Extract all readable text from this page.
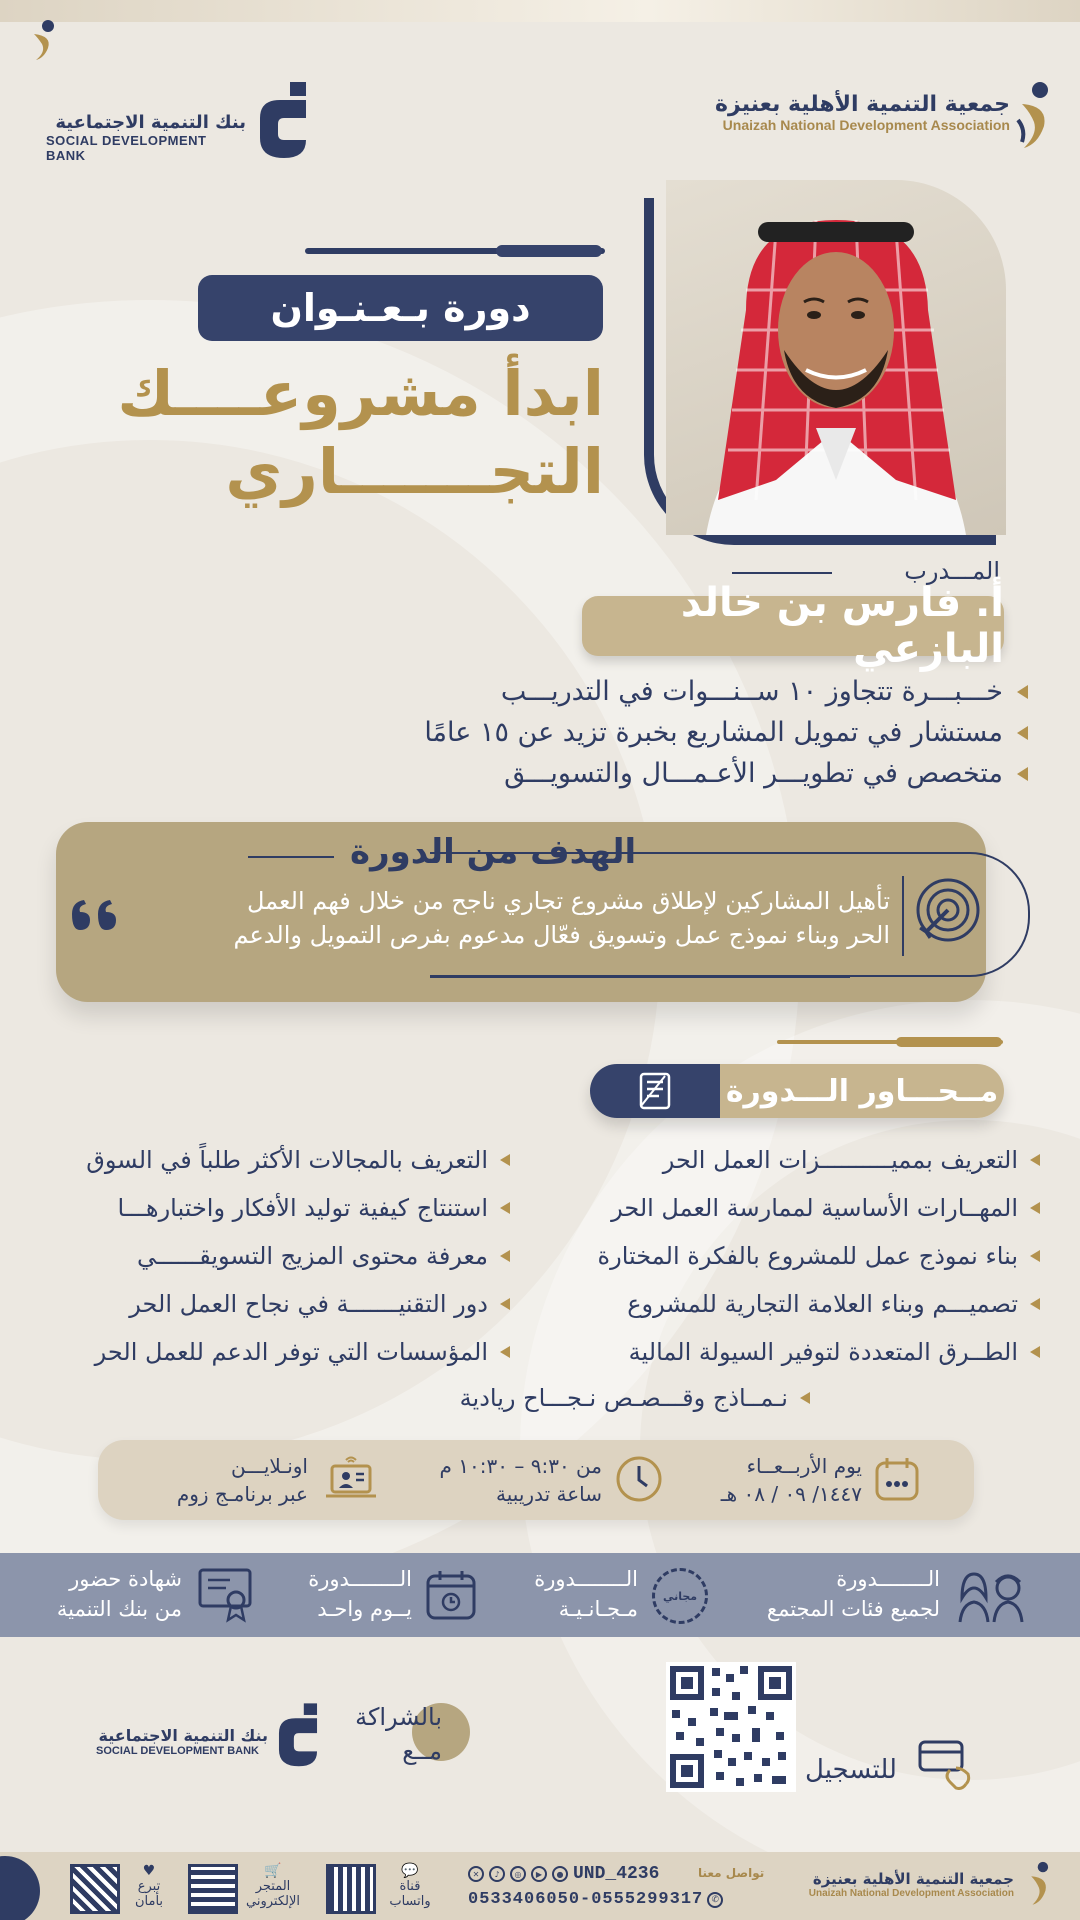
جمعية التنمية الأهلية بعنيزة
Unaizah National Development Association
بنك التنمية الاجتماعية
SOCIAL DEVELOPMENT BANK
دورة بـعـنـوان
ابدأ مشروعــــك
التجـــــــاري
المـــدرب
أ. فارس بن خالد البازعي
خـــبـــرة تتجاوز ١٠ ســنـــوات في التدريـــب
مستشار في تمويل المشاريع بخبرة تزيد عن ١٥ عامًا
متخصص في تطويـــر الأعـمـــال والتسويـــق
الهدف من الدورة
تأهيل المشاركين لإطلاق مشروع تجاري ناجح من خلال فهم العمل
الحر وبناء نموذج عمل وتسويق فعّال مدعوم بفرص التمويل والدعم
مــحـــاور الـــدورة
التعريف بمميــــــــــزات العمل الحر
المهــارات الأساسية لممارسة العمل الحر
بناء نموذج عمل للمشروع بالفكرة المختارة
تصميـــم وبناء العلامة التجارية للمشروع
الطــرق المتعددة لتوفير السيولة المالية
التعريف بالمجالات الأكثر طلباً في السوق
استنتاج كيفية توليد الأفكار واختبارهـــا
معرفة محتوى المزيج التسويقــــــي
دور التقنيـــــــة في نجاح العمل الحر
المؤسسات التي توفر الدعم للعمل الحر
نـمــاذج وقـــصـص نـجـــاح ريادية
يوم الأربــعــاء
١٤٤٧/ ٠٩ / ٠٨ هـ
من ٩:٣٠ – ١٠:٣٠ م
ساعة تدريبية
اونـلايـــن
عبر برنامـج زوم
الــــــــدورة
لجميع فئات المجتمع
مجاني
الــــــــدورة
مـجـانـيـة
الــــــــدورة
يــوم واحـد
شهادة حضور
من بنك التنمية
للتسجيل
بالشراكة
مــع
بنك التنمية الاجتماعية
SOCIAL DEVELOPMENT BANK
جمعية التنمية الأهلية بعنيزة
Unaizah National Development Association
UND_4236
●
▶
◎
♪
✕	تواصل معنا
✆
0533406050-0555299317
💬
قناة واتساب
🛒
المتجر الإلكتروني
♥
تبرع بأمان
